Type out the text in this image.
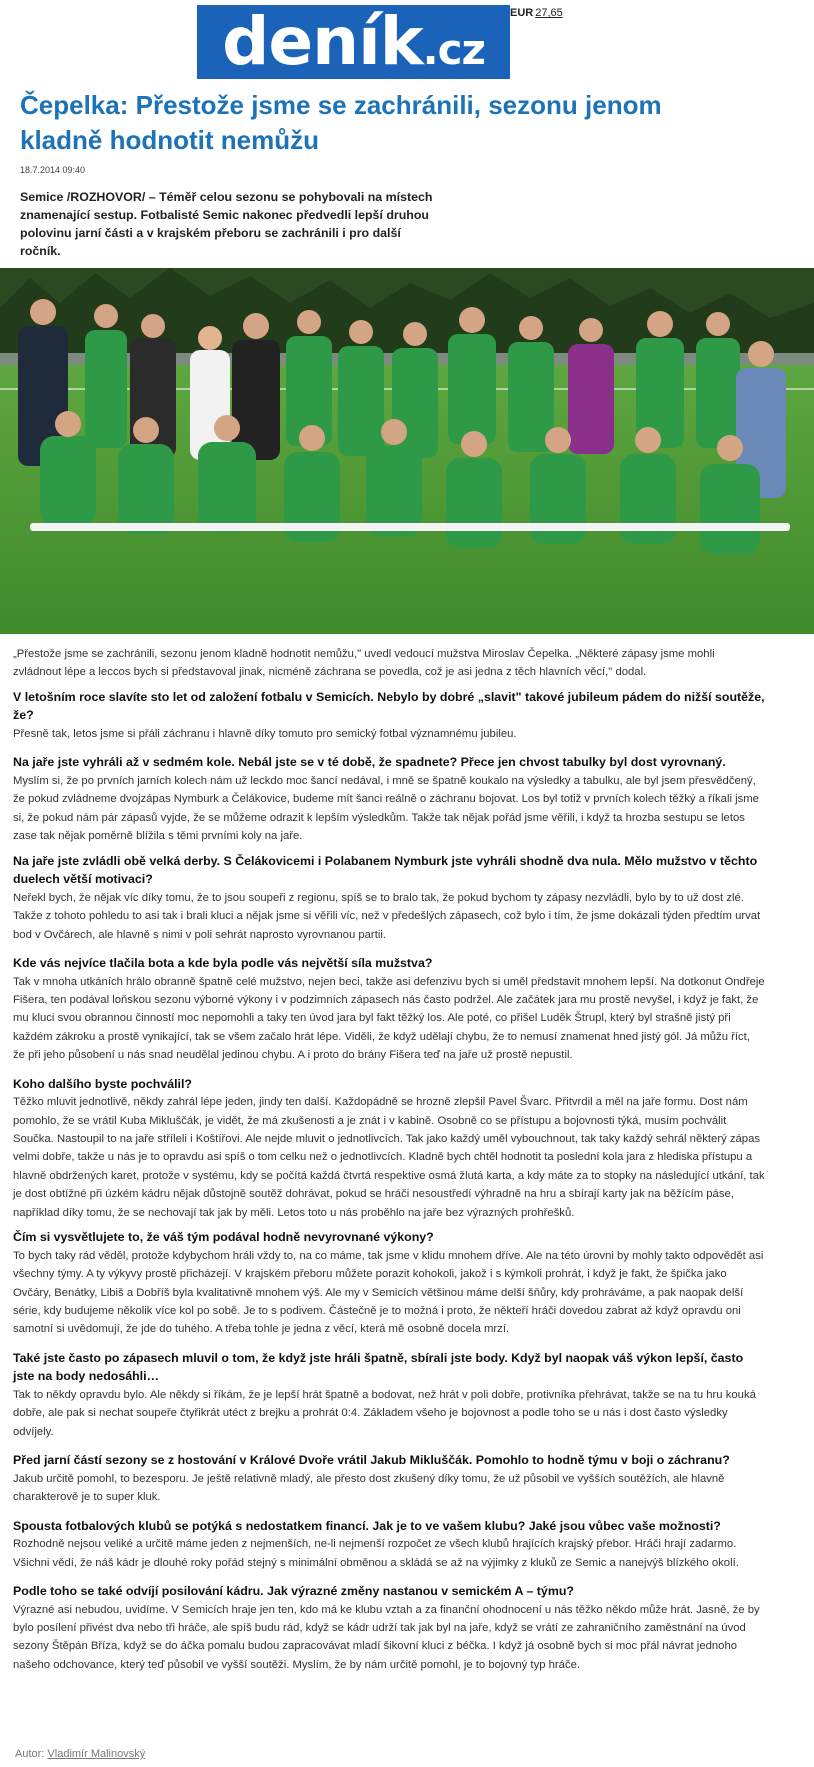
deník.cz
EUR 27,65
Čepelka: Přestože jsme se zachránili, sezonu jenom kladně hodnotit nemůžu
18.7.2014 09:40
Semice /ROZHOVOR/ – Téměř celou sezonu se pohybovali na místech znamenající sestup. Fotbalisté Semic nakonec předvedli lepší druhou polovinu jarní části a v krajském přeboru se zachránili i pro další ročník.

„Přestože jsme se zachránili, sezonu jenom kladně hodnotit nemůžu," uvedl vedoucí mužstva Miroslav Čepelka. „Některé zápasy jsme mohli zvládnout lépe a leccos bych si představoval jinak, nicméně záchrana se povedla, což je asi jedna z těch hlavních věcí," dodal.

V letošním roce slavíte sto let od založení fotbalu v Semicích. Nebylo by dobré „slavit" takové jubileum pádem do nižší soutěže, že?

Přesně tak, letos jsme si přáli záchranu i hlavně díky tomuto pro semický fotbal významnému jubileu.

Na jaře jste vyhráli až v sedmém kole. Nebál jste se v té době, že spadnete? Přece jen chvost tabulky byl dost vyrovnaný.

Myslím si, že po prvních jarních kolech nám už leckdo moc šancí nedával, i mně se špatně koukalo na výsledky a tabulku, ale byl jsem přesvědčený, že pokud zvládneme dvojzápas Nymburk a Čelákovice, budeme mít šanci reálně o záchranu bojovat. Los byl totiž v prvních kolech těžký a říkali jsme si, že pokud nám pár zápasů vyjde, že se můžeme odrazit k lepším výsledkům. Takže tak nějak pořád jsme věřili, i když ta hrozba sestupu se letos zase tak nějak poměrně blížila s těmi prvními koly na jaře.

Na jaře jste zvládli obě velká derby. S Čelákovicemi i Polabanem Nymburk jste vyhráli shodně dva nula. Mělo mužstvo v těchto duelech větší motivaci?

Neřekl bych, že nějak víc díky tomu, že to jsou soupeři z regionu, spíš se to bralo tak, že pokud bychom ty zápasy nezvládli, bylo by to už dost zlé. Takže z tohoto pohledu to asi tak i brali kluci a nějak jsme si věřili víc, než v předešlých zápasech, což bylo i tím, že jsme dokázali týden předtím urvat bod v Ovčárech, ale hlavně s nimi v poli sehrát naprosto vyrovnanou partii.

Kde vás nejvíce tlačila bota a kde byla podle vás největší síla mužstva?

Tak v mnoha utkáních hrálo obranně špatně celé mužstvo, nejen beci, takže asi defenzivu bych si uměl představit mnohem lepší. Na dotkonut Ondřeje Fišera, ten podával loňskou sezonu výborné výkony i v podzimních zápasech nás často podržel. Ale začátek jara mu prostě nevyšel, i když je fakt, že mu kluci svou obrannou činností moc nepomohli a taky ten úvod jara byl fakt těžký los. Ale poté, co přišel Luděk Štrupl, který byl strašně jistý při každém zákroku a prostě vynikající, tak se všem začalo hrát lépe. Viděli, že když udělají chybu, že to nemusí znamenat hned jistý gól. Já můžu říct, že při jeho působení u nás snad neudělal jedinou chybu. A i proto do brány Fišera teď na jaře už prostě nepustil.

Koho dalšího byste pochválil?

Těžko mluvit jednotlivě, někdy zahrál lépe jeden, jindy ten další. Každopádně se hrozně zlepšil Pavel Švarc. Přitvrdil a měl na jaře formu. Dost nám pomohlo, že se vrátil Kuba Mikluščák, je vidět, že má zkušenosti a je znát i v kabině. Osobně co se přístupu a bojovnosti týká, musím pochválit Součka. Nastoupil to na jaře stříleli i Koštířovi. Ale nejde mluvit o jednotlivcích. Tak jako každý uměl vybouchnout, tak taky každý sehrál některý zápas velmi dobře, takže u nás je to opravdu asi spíš o tom celku než o jednotlivcích. Kladně bych chtěl hodnotit ta poslední kola jara z hlediska přístupu a hlavně obdržených karet, protože v systému, kdy se počítá každá čtvrtá respektive osmá žlutá karta, a kdy máte za to stopky na následující utkání, tak je dost obtížné při úzkém kádru nějak důstojně soutěž dohrávat, pokud se hráči nesoustředí výhradně na hru a sbírají karty jak na běžícím páse, například díky tomu, že se nechovají tak jak by měli. Letos toto u nás proběhlo na jaře bez výrazných prohřešků.

Čím si vysvětlujete to, že váš tým podával hodně nevyrovnané výkony?

To bych taky rád věděl, protože kdybychom hráli vždy to, na co máme, tak jsme v klidu mnohem dříve. Ale na této úrovni by mohly takto odpovědět asi všechny týmy. A ty výkyvy prostě přicházejí. V krajském přeboru můžete porazit kohokoli, jakož i s kýmkoli prohrát, i když je fakt, že špička jako Ovčáry, Benátky, Libiš a Dobříš byla kvalitativně mnohem výš. Ale my v Semicích většinou máme delší šňůry, kdy prohráváme, a pak naopak delší série, kdy budujeme několik více kol po sobě. Je to s podivem. Částečně je to možná i proto, že někteří hráči dovedou zabrat až když opravdu oni samotní si uvědomují, že jde do tuhého. A třeba tohle je jedna z věcí, která mě osobně docela mrzí.

Také jste často po zápasech mluvil o tom, že když jste hráli špatně, sbírali jste body. Když byl naopak váš výkon lepší, často jste na body nedosáhli…

Tak to někdy opravdu bylo. Ale někdy si říkám, že je lepší hrát špatně a bodovat, než hrát v poli dobře, protivníka přehrávat, takže se na tu hru kouká dobře, ale pak si nechat soupeře čtyřikrát utéct z brejku a prohrát 0:4. Základem všeho je bojovnost a podle toho se u nás i dost často výsledky odvíjely.

Před jarní částí sezony se z hostování v Králové Dvoře vrátil Jakub Mikluščák. Pomohlo to hodně týmu v boji o záchranu?

Jakub určitě pomohl, to bezesporu. Je ještě relativně mladý, ale přesto dost zkušený díky tomu, že už působil ve vyšších soutěžích, ale hlavně charakterově je to super kluk.

Spousta fotbalových klubů se potýká s nedostatkem financí. Jak je to ve vašem klubu? Jaké jsou vůbec vaše možnosti?

Rozhodně nejsou veliké a určitě máme jeden z nejmenších, ne-li nejmenší rozpočet ze všech klubů hrajících krajský přebor. Hráči hrají zadarmo. Všichni vědí, že náš kádr je dlouhé roky pořád stejný s minimální obměnou a skládá se až na výjimky z kluků ze Semic a nanejvýš blízkého okolí.

Podle toho se také odvíjí posilování kádru. Jak výrazné změny nastanou v semickém A – týmu?

Výrazné asi nebudou, uvidíme. V Semicích hraje jen ten, kdo má ke klubu vztah a za finanční ohodnocení u nás těžko někdo může hrát. Jasně, že by bylo posílení přivést dva nebo tři hráče, ale spíš budu rád, když se kádr udrží tak jak byl na jaře, když se vrátí ze zahraničního zaměstnání na úvod sezony Štěpán Bříza, když se do áčka pomalu budou zapracovávat mladí šikovní kluci z béčka. I když já osobně bych si moc přál návrat jednoho našeho odchovance, který teď působil ve vyšší soutěži. Myslím, že by nám určitě pomohl, je to bojovný typ hráče.

Autor: Vladimír Malinovský
